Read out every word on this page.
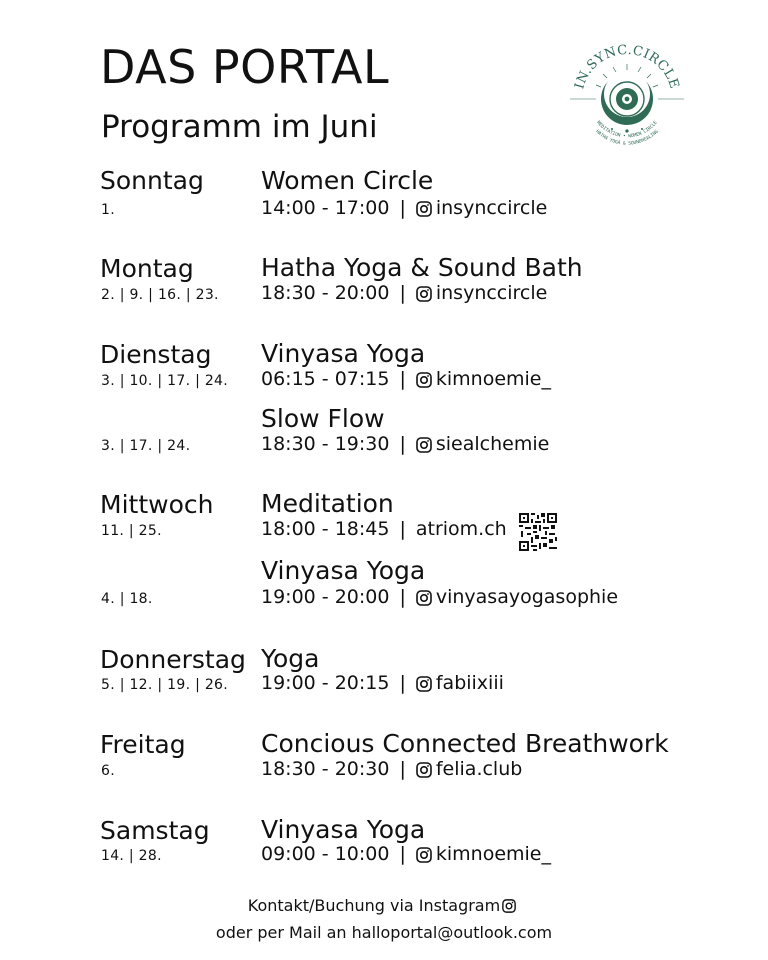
DAS PORTAL
Programm im Juni
IN.SYNC.CIRCLE
MEDITATION • WOMEN CIRCLE
HATHA YOGA & SOUNDHEALING
Sonntag
1.
Women Circle
14:00 - 17:00 | insynccircle
Montag
2. | 9. | 16. | 23.
Hatha Yoga & Sound Bath
18:30 - 20:00 | insynccircle
Dienstag
3. | 10. | 17. | 24.
Vinyasa Yoga
06:15 - 07:15 | kimnoemie_
3. | 17. | 24.
Slow Flow
18:30 - 19:30 | siealchemie
Mittwoch
11. | 25.
Meditation
18:00 - 18:45 | atriom.ch
4. | 18.
Vinyasa Yoga
19:00 - 20:00 | vinyasayogasophie
Donnerstag
5. | 12. | 19. | 26.
Yoga
19:00 - 20:15 | fabiixiii
Freitag
6.
Concious Connected Breathwork
18:30 - 20:30 | felia.club
Samstag
14. | 28.
Vinyasa Yoga
09:00 - 10:00 | kimnoemie_
Kontakt/Buchung via Instagram
oder per Mail an halloportal@outlook.com
